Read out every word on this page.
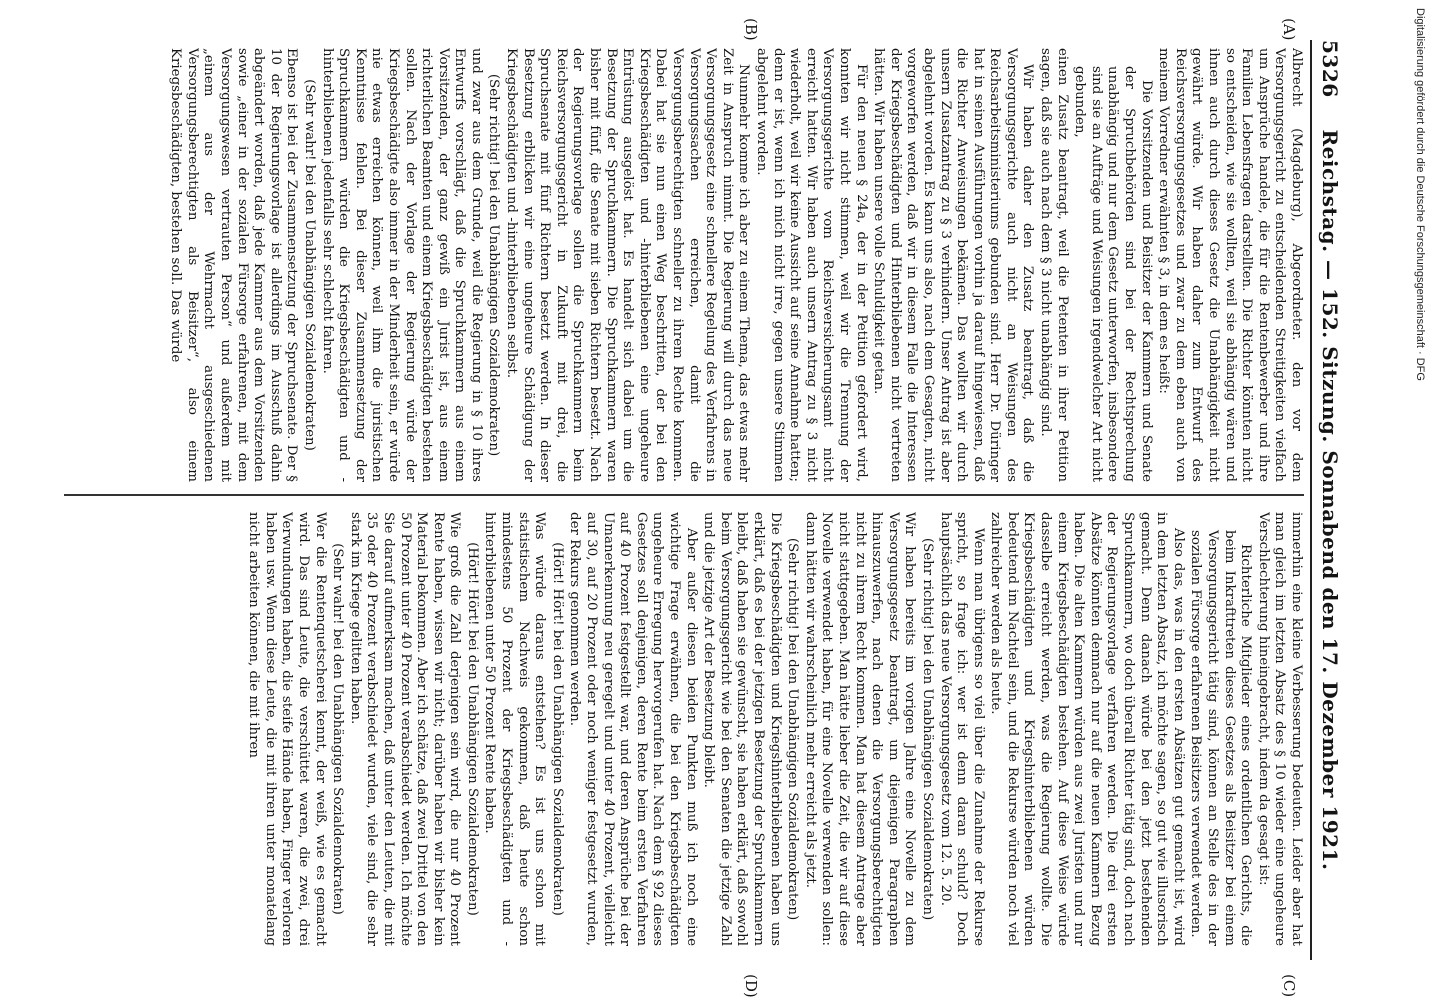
5326
Reichstag. — 152. Sitzung. Sonnabend den 17. Dezember 1921.
(A)
(B)
(C)
(D)

Albrecht (Magdeburg), Abgeordneter. den vor dem Versorgungsgericht zu entscheidenden Streitigkeiten vielfach um Ansprüche handele, die für die Rentenbewerber und ihre Familien Lebensfragen darstellten. Die Richter könnten nicht so entscheiden, wie sie wollten, weil sie abhängig wären und ihnen auch durch dieses Gesetz die Unabhängigkeit nicht gewährt würde. Wir haben daher zum Entwurf des Reichsversorgungsgesetzes und zwar zu dem eben auch von meinem Vorredner erwähnten § 3, in dem es heißt:

Die Vorsitzenden und Beisitzer der Kammern und Senate der Spruchbehörden sind bei der Rechtsprechung unabhängig und nur dem Gesetz unterworfen, insbesondere sind sie an Aufträge und Weisungen irgendwelcher Art nicht gebunden,

einen Zusatz beantragt, weil die Petenten in ihrer Petition sagen, daß sie auch nach dem § 3 nicht unabhängig sind.

Wir haben daher den Zusatz beantragt, daß die Versorgungsgerichte auch nicht an Weisungen des Reichsarbeitsministeriums gebunden sind. Herr Dr. Düringer hat in seinen Ausführungen vorhin ja darauf hingewiesen, daß die Richter Anweisungen bekämen. Das wollten wir durch unsern Zusatzantrag zu § 3 verhindern. Unser Antrag ist aber abgelehnt worden. Es kann uns also, nach dem Gesagten, nicht vorgeworfen werden, daß wir in diesem Falle die Interessen der Kriegsbeschädigten und Hinterbliebenen nicht vertreten hätten. Wir haben unsere volle Schuldigkeit getan.

Für den neuen § 24a, der in der Petition gefordert wird, konnten wir nicht stimmen, weil wir die Trennung der Versorgungsgerichte vom Reichsversicherungsamt nicht erreicht hatten. Wir haben auch unsern Antrag zu § 3 nicht wiederholt, weil wir keine Aussicht auf seine Annahme hatten; denn er ist, wenn ich mich nicht irre, gegen unsere Stimmen abgelehnt worden.

Nunmehr komme ich aber zu einem Thema, das etwas mehr Zeit in Anspruch nimmt. Die Regierung will durch das neue Versorgungsgesetz eine schnellere Regelung des Verfahrens in Versorgungssachen erreichen, damit die Versorgungsberechtigten schneller zu ihrem Rechte kommen. Dabei hat sie nun einen Weg beschritten, der bei den Kriegsbeschädigten und -hinterbliebenen eine ungeheure Entrüstung ausgelöst hat. Es handelt sich dabei um die Besetzung der Spruchkammern. Die Spruchkammern waren bisher mit fünf, die Senate mit sieben Richtern besetzt. Nach der Regierungsvorlage sollen die Spruchkammern beim Reichsversorgungsgericht in Zukunft mit drei, die Spruchsenate mit fünf Richtern besetzt werden. In dieser Besetzung erblicken wir eine ungeheure Schädigung der Kriegsbeschädigten und -hinterbliebenen selbst.

(Sehr richtig! bei den Unabhängigen Sozialdemokraten)

und zwar aus dem Grunde, weil die Regierung in § 10 ihres Entwurfs vorschlägt, daß die Spruchkammern aus einem Vorsitzenden, der ganz gewiß ein Jurist ist, aus einem richterlichen Beamten und einem Kriegsbeschädigten bestehen sollen. Nach der Vorlage der Regierung würde der Kriegsbeschädigte also immer in der Minderheit sein, er würde nie etwas erreichen können, weil ihm die juristischen Kenntnisse fehlen. Bei dieser Zusammensetzung der Spruchkammern würden die Kriegsbeschädigten und -hinterbliebenen jedenfalls sehr schlecht fahren.

(Sehr wahr! bei den Unabhängigen Sozialdemokraten)

Ebenso ist bei der Zusammensetzung der Spruchsenate. Der § 10 der Regierungsvorlage ist allerdings im Ausschuß dahin abgeändert worden, daß jede Kammer aus dem Vorsitzenden sowie „einer in der sozialen Fürsorge erfahrenen, mit dem Versorgungswesen vertrauten Person“ und außerdem mit „einem aus der Wehrmacht ausgeschiedenen Versorgungsberechtigten als Beisitzer“, also einem Kriegsbeschädigten, bestehen soll. Das würde

immerhin eine kleine Verbesserung bedeuten. Leider aber hat man gleich im letzten Absatz des § 10 wieder eine ungeheure Verschlechterung hineingebracht, indem da gesagt ist:

Richterliche Mitglieder eines ordentlichen Gerichts, die beim Inkrafttreten dieses Gesetzes als Beisitzer bei einem Versorgungsgericht tätig sind, können an Stelle des in der sozialen Fürsorge erfahrenen Beisitzers verwendet werden.

Also das, was in den ersten Absätzen gut gemacht ist, wird in dem letzten Absatz, ich möchte sagen, so gut wie illusorisch gemacht. Denn danach würde bei den jetzt bestehenden Spruchkammern, wo doch überall Richter tätig sind, doch nach der Regierungsvorlage verfahren werden. Die drei ersten Absätze könnten demnach nur auf die neuen Kammern Bezug haben. Die alten Kammern würden aus zwei Juristen und nur einem Kriegsbeschädigten bestehen. Auf diese Weise würde dasselbe erreicht werden, was die Regierung wollte. Die Kriegsbeschädigten und Kriegshinterbliebenen würden bedeutend im Nachteil sein, und die Rekurse würden noch viel zahlreicher werden als heute.

Wenn man übrigens so viel über die Zunahme der Rekurse spricht, so frage ich: wer ist denn daran schuld? Doch hauptsächlich das neue Versorgungsgesetz vom 12. 5. 20.

(Sehr richtig! bei den Unabhängigen Sozialdemokraten)

Wir haben bereits im vorigen Jahre eine Novelle zu dem Versorgungsgesetz beantragt, um diejenigen Paragraphen hinauszuwerfen, nach denen die Versorgungsberechtigten nicht zu ihrem Recht kommen. Man hat diesem Antrage aber nicht stattgegeben. Man hätte lieber die Zeit, die wir auf diese Novelle verwendet haben, für eine Novelle verwenden sollen: dann hätten wir wahrscheinlich mehr erreicht als jetzt.

(Sehr richtig! bei den Unabhängigen Sozialdemokraten)

Die Kriegsbeschädigten und Kriegshinterbliebenen haben uns erklärt, daß es bei der jetzigen Besetzung der Spruchkammern bleibt, daß haben sie gewünscht, sie haben erklärt, daß sowohl beim Versorgungsgericht wie bei den Senaten die jetzige Zahl und die jetzige Art der Besetzung bleibt.

Aber außer diesen beiden Punkten muß ich noch eine wichtige Frage erwähnen, die bei den Kriegsbeschädigten ungeheure Erregung hervorgerufen hat. Nach dem § 92 dieses Gesetzes soll denjenigen, deren Rente beim ersten Verfahren auf 40 Prozent festgestellt war, und deren Ansprüche bei der Umanerkennung neu geregelt und unter 40 Prozent, vielleicht auf 30, auf 20 Prozent oder noch weniger festgesetzt wurden, der Rekurs genommen werden.

(Hört! Hört! bei den Unabhängigen Sozialdemokraten)

Was würde daraus entstehen? Es ist uns schon mit statistischem Nachweis gekommen, daß heute schon mindestens 50 Prozent der Kriegsbeschädigten und -hinterbliebenen unter 50 Prozent Rente haben.

(Hört! Hört! bei den Unabhängigen Sozialdemokraten)

Wie groß die Zahl derjenigen sein wird, die nur 40 Prozent Rente haben, wissen wir nicht; darüber haben wir bisher kein Material bekommen. Aber ich schätze, daß zwei Drittel von den 50 Prozent unter 40 Prozent verabschiedet werden. Ich möchte Sie darauf aufmerksam machen, daß unter den Leuten, die mit 35 oder 40 Prozent verabschiedet wurden, viele sind, die sehr stark im Kriege gelitten haben.

(Sehr wahr! bei den Unabhängigen Sozialdemokraten)

Wer die Rentenquetscherei kennt, der weiß, wie es gemacht wird. Das sind Leute, die verschüttet waren, die zwei, drei Verwundungen haben, die steife Hände haben, Finger verloren haben usw. Wenn diese Leute, die mit ihren unter monatelang nicht arbeiten können, die mit ihren

Digitalisierung gefördert durch die Deutsche Forschungsgemeinschaft · DFG
